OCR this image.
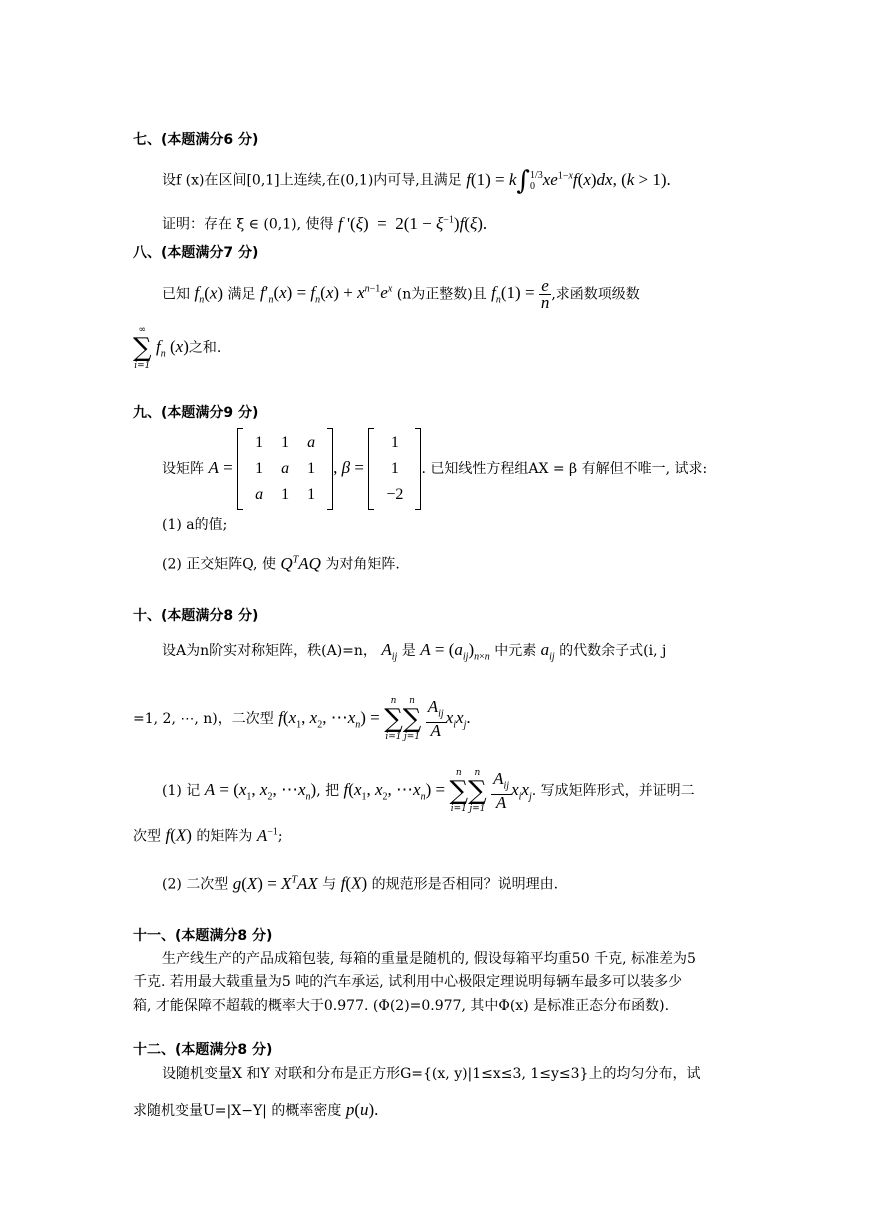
七、(本题满分6 分)
设f (x)在区间[0,1]上连续,在(0,1)内可导,且满足 f(1) = k∫ 1/3
0 $xe^{1-x}f(x)dx$, (k > 1).
证明：存在 ξ ∈ (0,1), 使得 f '$(\xi) = 2(1 - \xi^{-1})f(\xi)$.
八、(本题满分7 分)
已知 $f_n(x)$ 满足 $f'_n(x) = f_n(x) + x^{n-1}e^x$ (n为正整数)且 $f_n(1) = \frac{e}{n}$ ,求函数项级数
∞
∑
i=1
$f_n$ (x)之和.
九、(本题满分9 分)
设矩阵 A =
1	1	a
1	a	1
a	1	1
, β =
1
1
−2
. 已知线性方程组AX = β 有解但不唯一, 试求:
(1) a的值;
(2) 正交矩阵Q, 使 $Q^TAQ$ 为对角矩阵.
十、(本题满分8 分)
设A为n阶实对称矩阵，秩(A)=n， $A_{ij}$ 是 $A = (a_{ij})_{n\times n}$ 中元素 $a_{ij}$ 的代数余子式(i, j
=1, 2, ⋯, n)，二次型 $f(x_1$, $x_2$, $\cdots x_n$) =
n
∑
i=1
n
∑
j=1
$\frac{A_{ij}}{A} x_ix_j$.
(1) 记 $A = (x_1$, $x_2$, $\cdots x_n$), 把 $f(x_1$, $x_2$, $\cdots x_n$) =
n
∑
i=1
n
∑
j=1
$\frac{A_{ij}}{A} x_ix_j$. 写成矩阵形式，并证明二
次型 f(X) 的矩阵为 $A^{-1}$;
(2) 二次型 $g(X) = X^TAX$ 与 f(X) 的规范形是否相同？说明理由.
十一、(本题满分8 分)
生产线生产的产品成箱包装, 每箱的重量是随机的, 假设每箱平均重50 千克, 标准差为5
千克. 若用最大载重量为5 吨的汽车承运, 试利用中心极限定理说明每辆车最多可以装多少
箱, 才能保障不超载的概率大于0.977. (Φ(2)=0.977, 其中Φ(x) 是标准正态分布函数).
十二、(本题满分8 分)
设随机变量X 和Y 对联和分布是正方形G={(x, y)|1≤x≤3, 1≤y≤3}上的均匀分布，试
求随机变量U=|X−Y| 的概率密度 p(u).
